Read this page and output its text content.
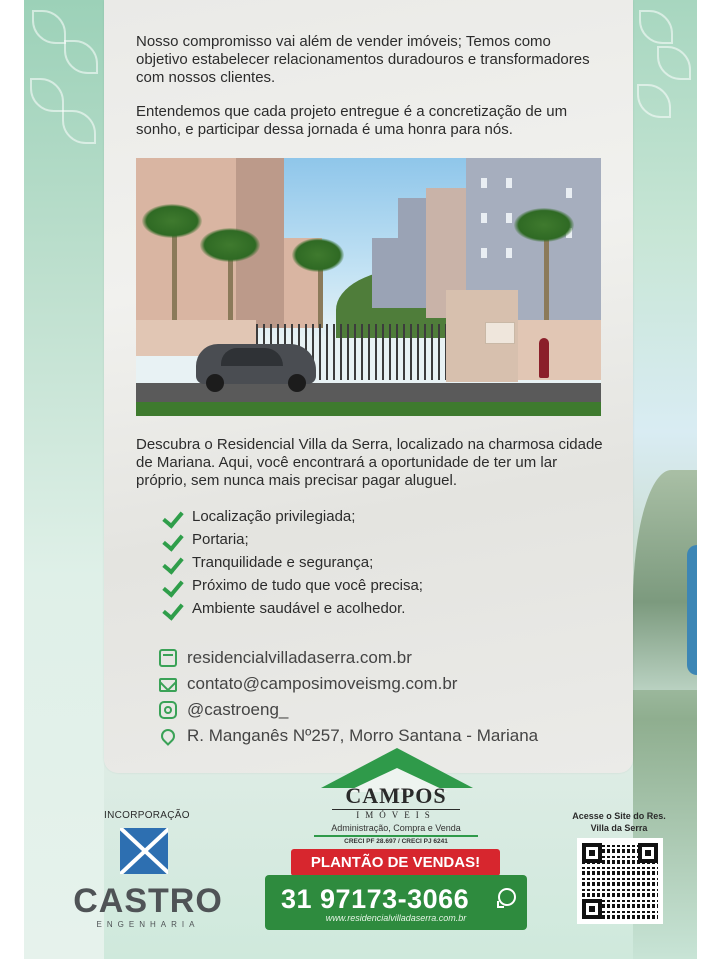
Nosso compromisso vai além de vender imóveis; Temos como objetivo estabelecer relacionamentos duradouros e transformadores com nossos clientes.

Entendemos que cada projeto entregue é a concretização de um sonho, e participar dessa jornada é uma honra para nós.

Descubra o Residencial Villa da Serra, localizado na charmosa cidade de Mariana. Aqui, você encontrará a oportunidade de ter um lar próprio, sem nunca mais precisar pagar aluguel.

Localização privilegiada;
Portaria;
Tranquilidade e segurança;
Próximo de tudo que você precisa;
Ambiente saudável e acolhedor.
residencialvilladaserra.com.br
contato@camposimoveismg.com.br
@castroeng_
R. Manganês Nº257, Morro Santana - Mariana
INCORPORAÇÃO
CASTRO
ENGENHARIA
CAMPOS
IMÓVEIS
Administração, Compra e Venda
CRECI PF 28.697 / CRECI PJ 6241
PLANTÃO DE VENDAS!
31 97173-3066
www.residencialvilladaserra.com.br
Acesse o Site do Res. Villa da Serra
